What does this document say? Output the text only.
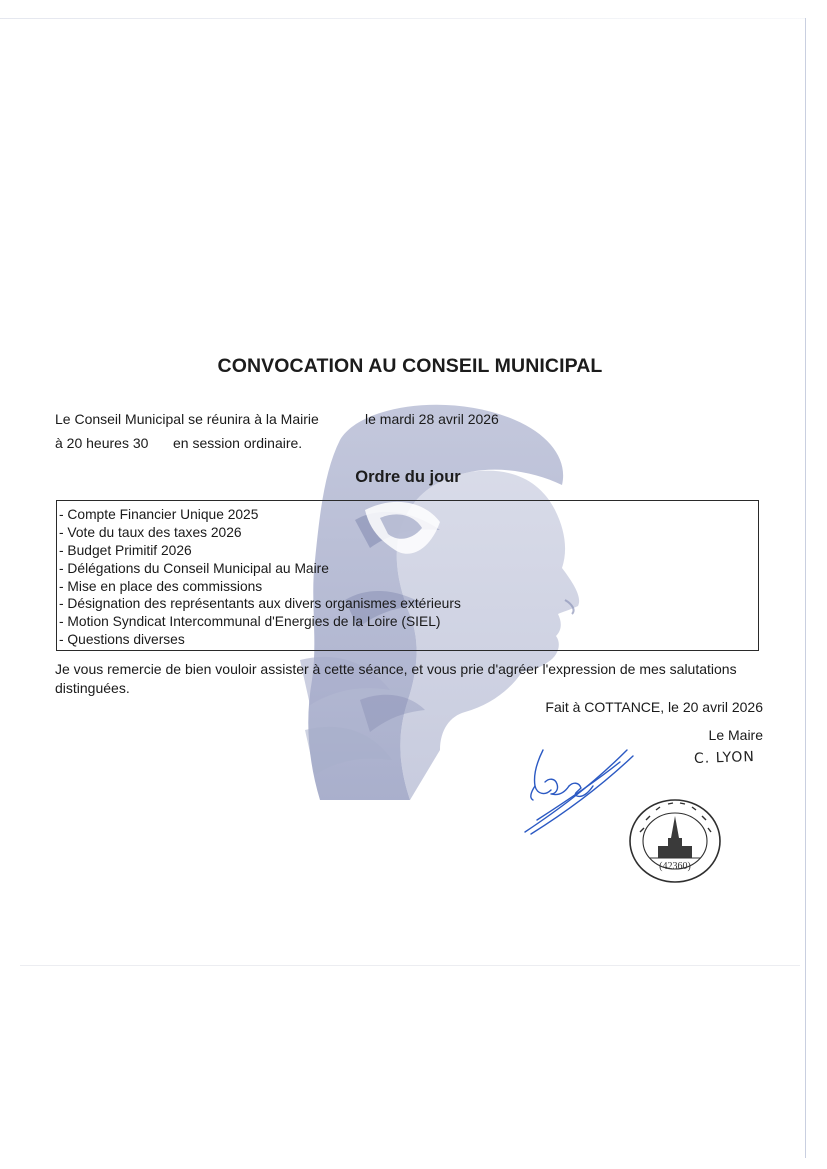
CONVOCATION AU CONSEIL MUNICIPAL
Le Conseil Municipal se réunira à la Mairie	le mardi 28 avril 2026
à 20 heures 30 en session ordinaire.
Ordre du jour
- Compte Financier Unique 2025
- Vote du taux des taxes 2026
- Budget Primitif 2026
- Délégations du Conseil Municipal au Maire
- Mise en place des commissions
- Désignation des représentants aux divers organismes extérieurs
- Motion Syndicat Intercommunal d'Energies de la Loire (SIEL)
- Questions diverses
Je vous remercie de bien vouloir assister à cette séance, et vous prie d'agréer l'expression de mes salutations distinguées.
Fait à COTTANCE, le 20 avril 2026
Le Maire
C. LYON
(42360)
